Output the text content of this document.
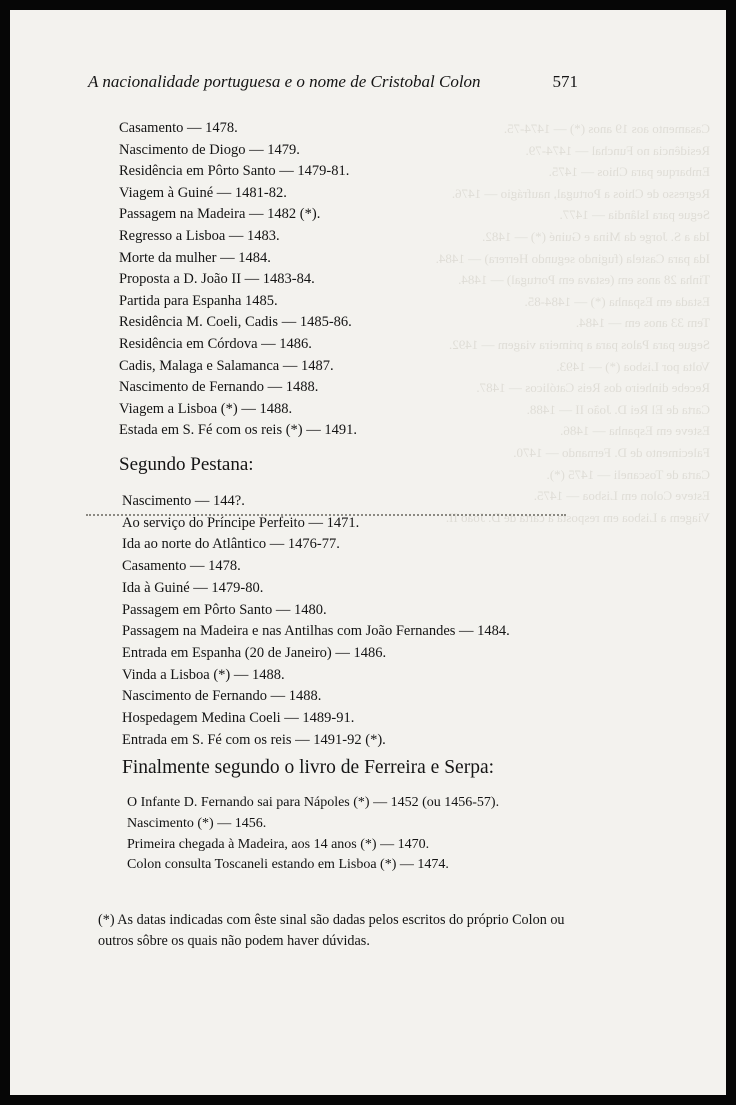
Casamento aos 19 anos (*) — 1474-75.
Residência no Funchal — 1474-79.
Embarque para Chios — 1475.
Regresso de Chios a Portugal, naufrágio — 1476.
Segue para Islândia — 1477.
Ida a S. Jorge da Mina e Guiné (*) — 1482.
Ida para Castela (fugindo segundo Herrera) — 1484.
Tinha 28 anos em (estava em Portugal) — 1484.
Estada em Espanha (*) — 1484-85.
Tem 33 anos em — 1484.
Segue para Palos para a primeira viagem — 1492.
Volta por Lisboa (*) — 1493.
Recebe dinheiro dos Reis Católicos — 1487.
Carta de El Rei D. João II — 1488.
Esteve em Espanha — 1486.
Falecimento de D. Fernando — 1470.
Carta de Toscaneli — 1475 (*).
Esteve Colon em Lisboa — 1475.
Viagem a Lisboa em resposta à carta de D. João II.
A nacionalidade portuguesa e o nome de Cristobal Colon	571
Casamento — 1478.
Nascimento de Diogo — 1479.
Residência em Pôrto Santo — 1479-81.
Viagem à Guiné — 1481-82.
Passagem na Madeira — 1482 (*).
Regresso a Lisboa — 1483.
Morte da mulher — 1484.
Proposta a D. João II — 1483-84.
Partida para Espanha 1485.
Residência M. Coeli, Cadis — 1485-86.
Residência em Córdova — 1486.
Cadis, Malaga e Salamanca — 1487.
Nascimento de Fernando — 1488.
Viagem a Lisboa (*) — 1488.
Estada em S. Fé com os reis (*) — 1491.
Segundo Pestana:
Nascimento — 144?.
Ao serviço do Príncipe Perfeito — 1471.
Ida ao norte do Atlântico — 1476-77.
Casamento — 1478.
Ida à Guiné — 1479-80.
Passagem em Pôrto Santo — 1480.
Passagem na Madeira e nas Antilhas com João Fernandes — 1484.
Entrada em Espanha (20 de Janeiro) — 1486.
Vinda a Lisboa (*) — 1488.
Nascimento de Fernando — 1488.
Hospedagem Medina Coeli — 1489-91.
Entrada em S. Fé com os reis — 1491-92 (*).
Finalmente segundo o livro de Ferreira e Serpa:
O Infante D. Fernando sai para Nápoles (*) — 1452 (ou 1456-57).
Nascimento (*) — 1456.
Primeira chegada à Madeira, aos 14 anos (*) — 1470.
Colon consulta Toscaneli estando em Lisboa (*) — 1474.

(*) As datas indicadas com êste sinal são dadas pelos escritos do próprio Colon ou outros sôbre os quais não podem haver dúvidas.
